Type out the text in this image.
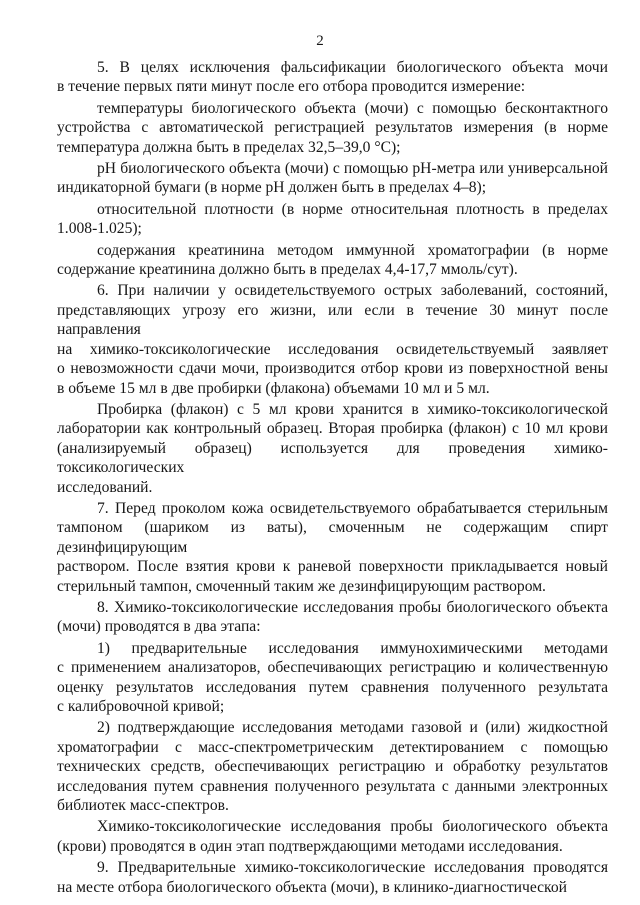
2
5. В целях исключения фальсификации биологического объекта мочи
в течение первых пяти минут после его отбора проводится измерение:
температуры биологического объекта (мочи) с помощью бесконтактного
устройства с автоматической регистрацией результатов измерения (в норме
температура должна быть в пределах 32,5–39,0 °С);
рН биологического объекта (мочи) с помощью рН-метра или универсальной
индикаторной бумаги (в норме рН должен быть в пределах 4–8);
относительной плотности (в норме относительная плотность в пределах
1.008-1.025);
содержания креатинина методом иммунной хроматографии (в норме
содержание креатинина должно быть в пределах 4,4-17,7 ммоль/сут).
6. При наличии у освидетельствуемого острых заболеваний, состояний,
представляющих угрозу его жизни, или если в течение 30 минут после направления
на химико-токсикологические исследования освидетельствуемый заявляет
о невозможности сдачи мочи, производится отбор крови из поверхностной вены
в объеме 15 мл в две пробирки (флакона) объемами 10 мл и 5 мл.
Пробирка (флакон) с 5 мл крови хранится в химико-токсикологической
лаборатории как контрольный образец. Вторая пробирка (флакон) с 10 мл крови
(анализируемый образец) используется для проведения химико-токсикологических
исследований.
7. Перед проколом кожа освидетельствуемого обрабатывается стерильным
тампоном (шариком из ваты), смоченным не содержащим спирт дезинфицирующим
раствором. После взятия крови к раневой поверхности прикладывается новый
стерильный тампон, смоченный таким же дезинфицирующим раствором.
8. Химико-токсикологические исследования пробы биологического объекта
(мочи) проводятся в два этапа:
1) предварительные исследования иммунохимическими методами
с применением анализаторов, обеспечивающих регистрацию и количественную
оценку результатов исследования путем сравнения полученного результата
с калибровочной кривой;
2) подтверждающие исследования методами газовой и (или) жидкостной
хроматографии с масс-спектрометрическим детектированием с помощью
технических средств, обеспечивающих регистрацию и обработку результатов
исследования путем сравнения полученного результата с данными электронных
библиотек масс-спектров.
Химико-токсикологические исследования пробы биологического объекта
(крови) проводятся в один этап подтверждающими методами исследования.
9. Предварительные химико-токсикологические исследования проводятся
на месте отбора биологического объекта (мочи), в клинико-диагностической
